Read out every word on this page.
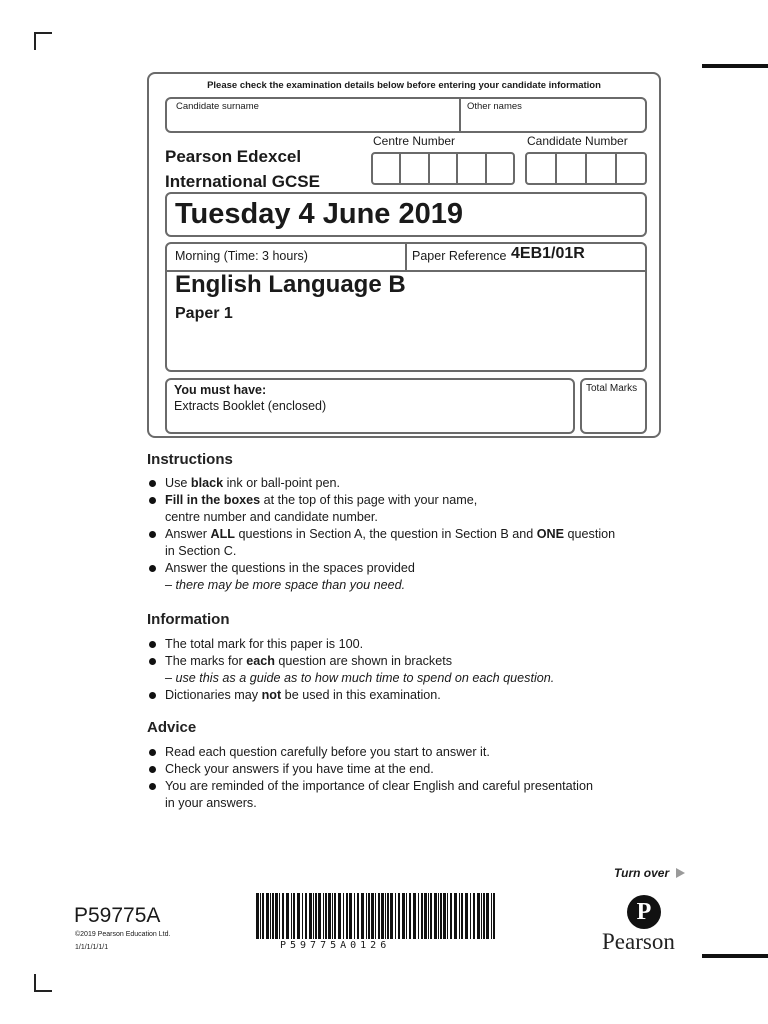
Please check the examination details below before entering your candidate information
Candidate surname	Other names
Pearson Edexcel
International GCSE
Centre Number	Candidate Number
Tuesday 4 June 2019
Morning (Time: 3 hours)	Paper Reference 4EB1/01R
English Language B
Paper 1
You must have:
Extracts Booklet (enclosed)
Total Marks
Instructions
Use black ink or ball-point pen.
Fill in the boxes at the top of this page with your name,
centre number and candidate number.
Answer ALL questions in Section A, the question in Section B and ONE question
in Section C.
Answer the questions in the spaces provided
– there may be more space than you need.
Information
The total mark for this paper is 100.
The marks for each question are shown in brackets
– use this as a guide as to how much time to spend on each question.
Dictionaries may not be used in this examination.
Advice
Read each question carefully before you start to answer it.
Check your answers if you have time at the end.
You are reminded of the importance of clear English and careful presentation
in your answers.
Turn over
P59775A
©2019 Pearson Education Ltd.
1/1/1/1/1/1	P59775A0126
P
Pearson
